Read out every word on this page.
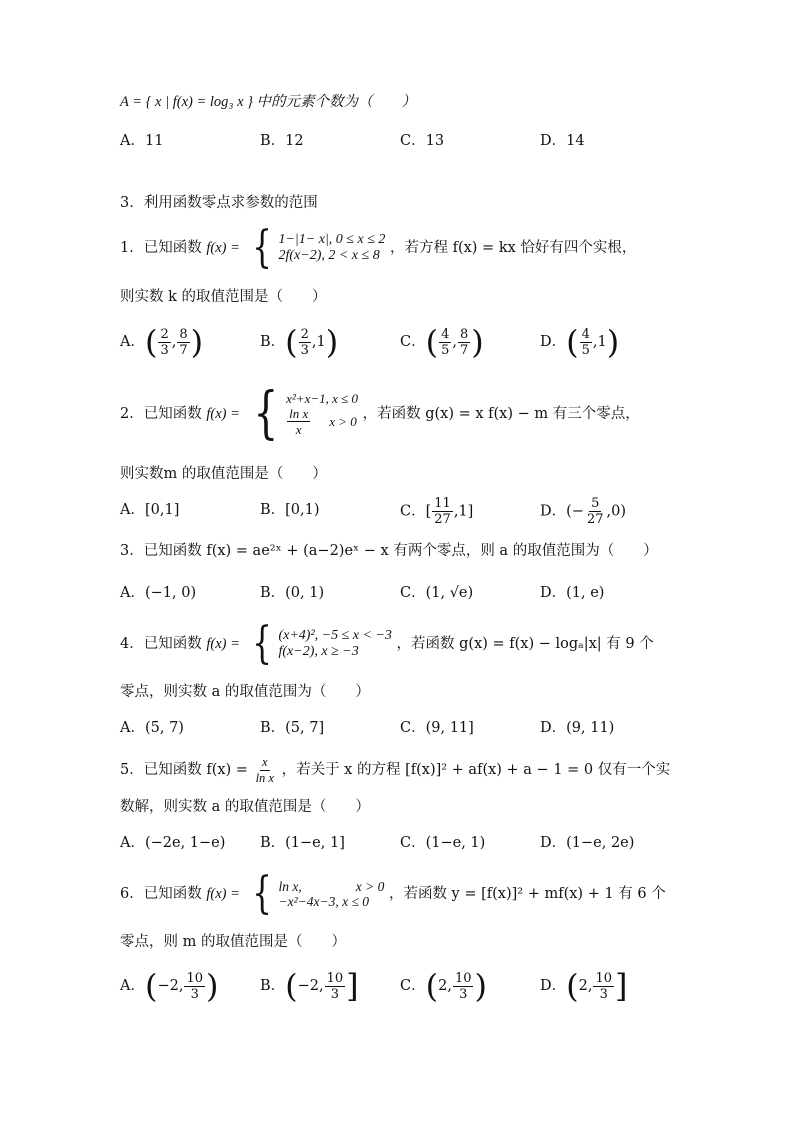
A = { x | f(x) = log₃ x } 中的元素个数为（　　）
A．11	B．12	C．13	D．14
3．利用函数零点求参数的范围
1．已知函数 f(x) = { 1−|1− x|, 0 ≤ x ≤ 2
2f(x−2), 2 < x ≤ 8 ，若方程 f(x) = kx 恰好有四个实根，
则实数 k 的取值范围是（　　）
A．( $\frac{2}{3}$ , $\frac{8}{7}$ )	B．( $\frac{2}{3} ,1$)	C．( $\frac{4}{5}$ , $\frac{8}{7}$ )	D．( $\frac{4}{5} ,1$)
2．已知函数 f(x) = { x²+x−1, x ≤ 0
$\frac{\text{ln x}}{x}$ x > 0 ，若函数 g(x) = x f(x) − m 有三个零点，
则实数m 的取值范围是（　　）
A．[0,1]	B．[0,1)	C．[ $\frac{11}{27} ,1$]	D．(− $\frac{5}{27} ,0$)
3．已知函数 f(x) = ae²ˣ + (a−2)eˣ − x 有两个零点，则 a 的取值范围为（　　）
A．(−1, 0)	B．(0, 1)	C．(1, √e)	D．(1, e)
4．已知函数 f(x) = { (x+4)², −5 ≤ x < −3
f(x−2), x ≥ −3	，若函数 g(x) = f(x) − logₐ|x| 有 9 个
零点，则实数 a 的取值范围为（　　）
A．(5, 7)	B．(5, 7]	C．(9, 11]	D．(9, 11)
5．已知函数 $f(x) = \frac{x}{\text{ln x}}$ ，若关于 x 的方程 [f(x)]² + af(x) + a − 1 = 0 仅有一个实
数解，则实数 a 的取值范围是（　　）
A．(−2e, 1−e) B．(1−e, 1]	C．(1−e, 1)	D．(1−e, 2e)
6．已知函数 f(x) = { ln x,                x > 0
−x²−4x−3, x ≤ 0	，若函数 y = [f(x)]² + mf(x) + 1 有 6 个
零点，则 m 的取值范围是（　　）
A．(−2, $\frac{10}{3}$ )	B．(−2, $\frac{10}{3}$ ]	C．(2, $\frac{10}{3}$ )	D．(2, $\frac{10}{3}$ ]
